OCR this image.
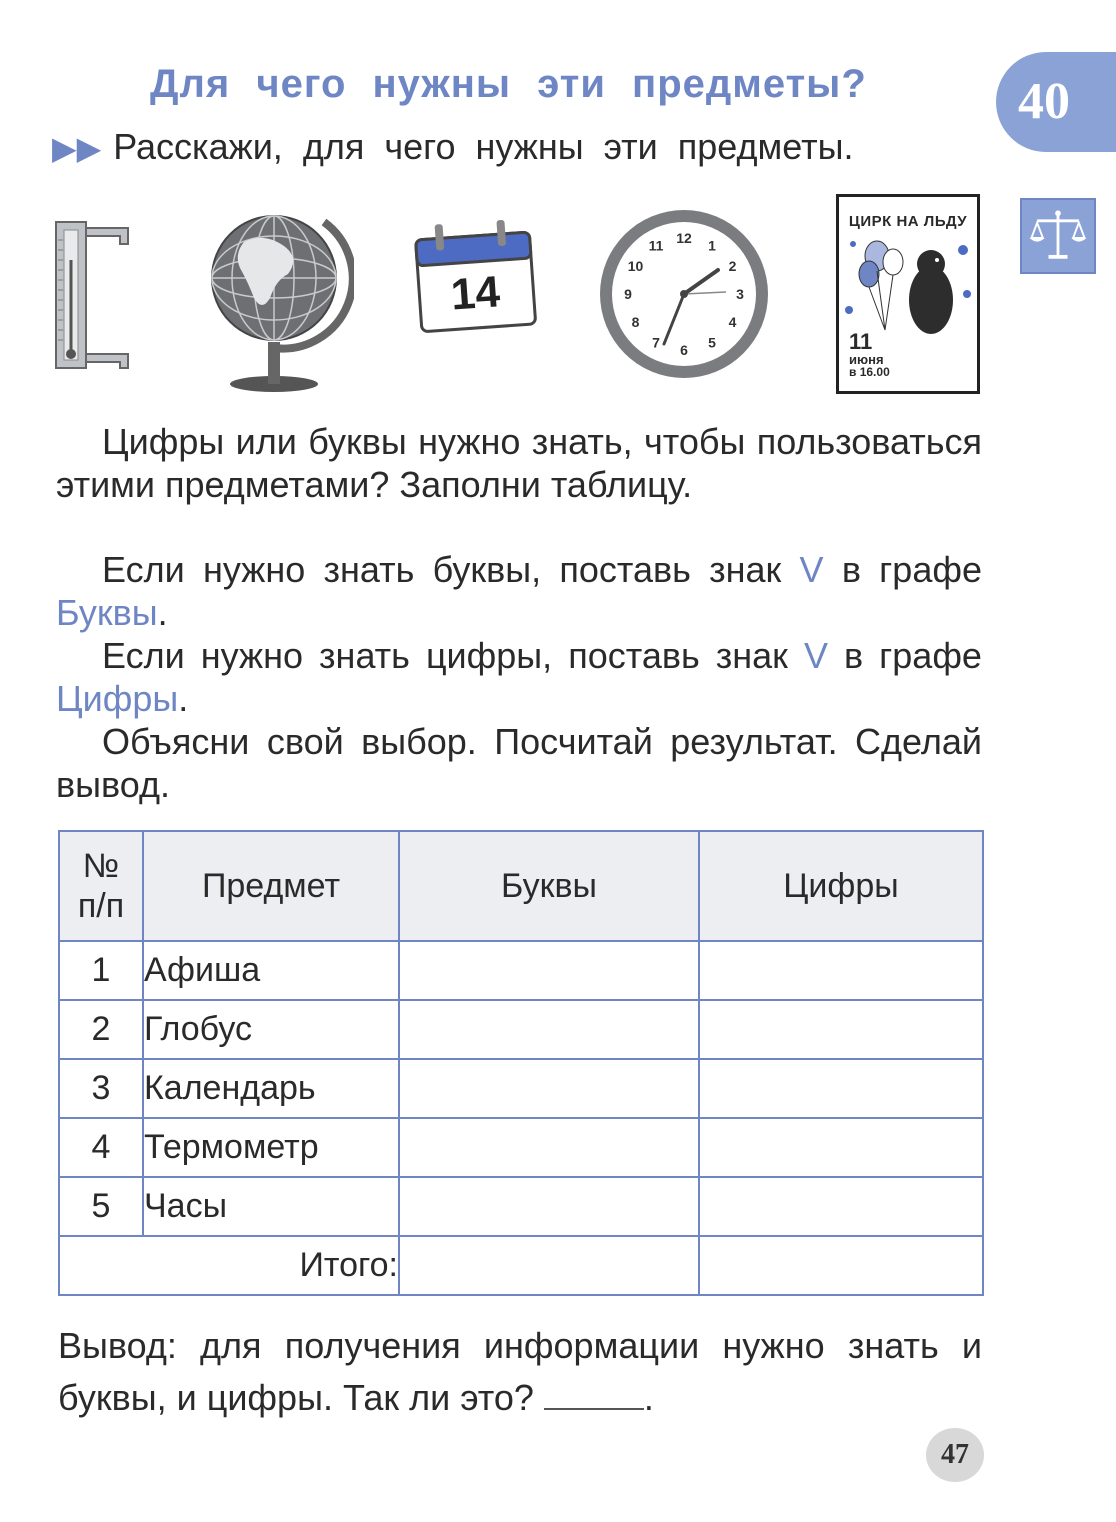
Для чего нужны эти предметы?	40
▶▶ Расскажи, для чего нужны эти предметы.
14
12 1
2
3
4
5
6
7
8
9
10
11
ЦИРК НА ЛЬДУ
11
июня
в 16.00

Цифры или буквы нужно знать, чтобы пользоваться этими предметами? Заполни таблицу.

Если нужно знать буквы, поставь знак V в графе Буквы.

Если нужно знать цифры, поставь знак V в графе Цифры.

Объясни свой выбор. Посчитай результат. Сделай вывод.

№
п/п	Предмет	Буквы	Цифры
1	Афиша		
2	Глобус		
3	Календарь		
4	Термометр		
5	Часы		
Итого:			
Вывод: для получения информации нужно знать и буквы, и цифры. Так ли это?	.
47
